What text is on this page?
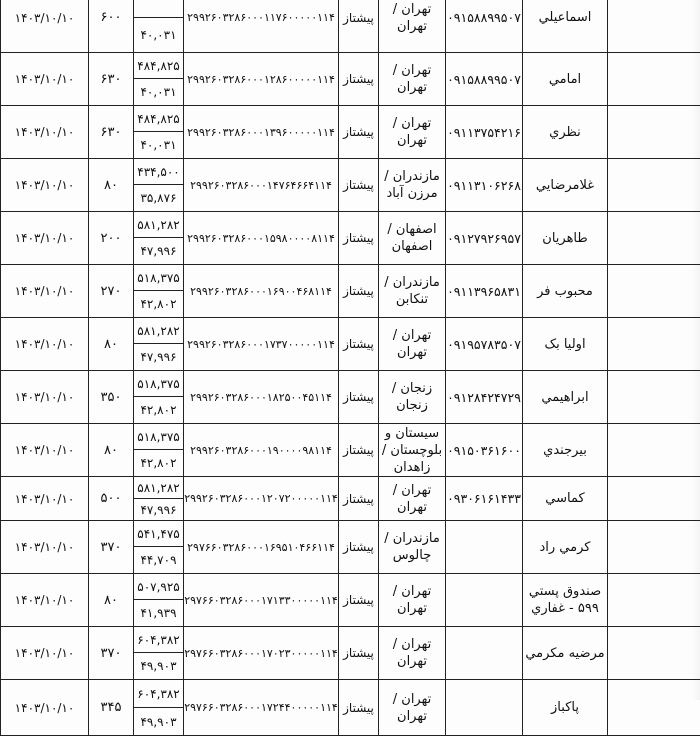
۱۴۰۳/۱۰/۱۰	۶۰۰		۲۹۹۲۶۰۳۲۸۶۰۰۰۱۱۷۶۰۰۰۰۰۱۱۴	پیشتاز	تهران /
تهران	۰۹۱۵۸۸۹۹۵۰۷	اسماعيلي	
		۴۰,۰۳۱						
۱۴۰۳/۱۰/۱۰	۶۳۰	۴۸۴,۸۲۵	۲۹۹۲۶۰۳۲۸۶۰۰۰۱۲۸۶۰۰۰۰۰۱۱۴	پیشتاز	تهران /
تهران	۰۹۱۵۸۸۹۹۵۰۷	امامي	
		۴۰,۰۳۱						
۱۴۰۳/۱۰/۱۰	۶۳۰	۴۸۴,۸۲۵	۲۹۹۲۶۰۳۲۸۶۰۰۰۱۳۹۶۰۰۰۰۰۱۱۴	پیشتاز	تهران /
تهران	۰۹۱۱۳۷۵۴۲۱۶	نظري	
		۴۰,۰۳۱						
۱۴۰۳/۱۰/۱۰	۸۰	۴۳۴,۵۰۰	۲۹۹۲۶۰۳۲۸۶۰۰۰۱۴۷۶۴۶۶۴۱۱۴	پیشتاز	مازندران /
مرزن آباد	۰۹۱۱۳۱۰۶۲۶۸	غلامرضايي	
		۳۵,۸۷۶						
۱۴۰۳/۱۰/۱۰	۲۰۰	۵۸۱,۲۸۲	۲۹۹۲۶۰۳۲۸۶۰۰۰۱۵۹۸۰۰۰۰۸۱۱۴	پیشتاز	اصفهان /
اصفهان	۰۹۱۲۷۹۲۶۹۵۷	طاهريان	
		۴۷,۹۹۶						
۱۴۰۳/۱۰/۱۰	۲۷۰	۵۱۸,۳۷۵	۲۹۹۲۶۰۳۲۸۶۰۰۰۱۶۹۰۰۴۶۸۱۱۴	پیشتاز	مازندران /
تنكابن	۰۹۱۱۳۹۶۵۸۳۱	محبوب فر	
		۴۲,۸۰۲						
۱۴۰۳/۱۰/۱۰	۸۰	۵۸۱,۲۸۲	۲۹۹۲۶۰۳۲۸۶۰۰۰۱۷۳۷۰۰۰۰۰۱۱۴	پیشتاز	تهران /
تهران	۰۹۱۹۵۷۸۳۵۰۷	اوليا بک	
		۴۷,۹۹۶						
۱۴۰۳/۱۰/۱۰	۳۵۰	۵۱۸,۳۷۵	۲۹۹۲۶۰۳۲۸۶۰۰۰۱۸۲۵۰۰۴۵۱۱۴	پیشتاز	زنجان /
زنجان	۰۹۱۲۸۴۲۴۷۲۹	ابراهيمي	
		۴۲,۸۰۲						
۱۴۰۳/۱۰/۱۰	۸۰	۵۱۸,۳۷۵	۲۹۹۲۶۰۳۲۸۶۰۰۰۱۹۰۰۰۰۹۸۱۱۴	پیشتاز	سيستان و
بلوچستان / زاهدان	۰۹۱۵۰۳۶۱۶۰۰	بيرجندي	
		۴۲,۸۰۲						
۱۴۰۳/۱۰/۱۰	۵۰۰	۵۸۱,۲۸۲	۲۹۹۲۶۰۳۲۸۶۰۰۰۱۲۰۷۲۰۰۰۰۰۱۱۴	پیشتاز	تهران /
تهران	۰۹۳۰۶۱۶۱۴۳۳	كماسي	
		۴۷,۹۹۶						
۱۴۰۳/۱۰/۱۰	۳۷۰	۵۴۱,۴۷۵	۲۹۷۶۶۰۳۲۸۶۰۰۰۱۶۹۵۱۰۴۶۶۱۱۴	پیشتاز	مازندران /
چالوس		كرمي راد	
		۴۴,۷۰۹						
۱۴۰۳/۱۰/۱۰	۸۰	۵۰۷,۹۲۵	۲۹۷۶۶۰۳۲۸۶۰۰۰۱۷۱۳۳۰۰۰۰۰۱۱۴	پیشتاز	تهران /
تهران		صندوق پستي ۵۹۹ - غفاري	
		۴۱,۹۳۹						
۱۴۰۳/۱۰/۱۰	۳۷۰	۶۰۴,۳۸۲	۲۹۷۶۶۰۳۲۸۶۰۰۰۱۷۰۲۳۰۰۰۰۰۱۱۴	پیشتاز	تهران /
تهران		مرضيه مكرمي	
		۴۹,۹۰۳						
۱۴۰۳/۱۰/۱۰	۳۴۵	۶۰۴,۳۸۲	۲۹۷۶۶۰۳۲۸۶۰۰۰۱۷۲۴۴۰۰۰۰۰۱۱۴	پیشتاز	تهران /
تهران		پاكباز	
		۴۹,۹۰۳						
